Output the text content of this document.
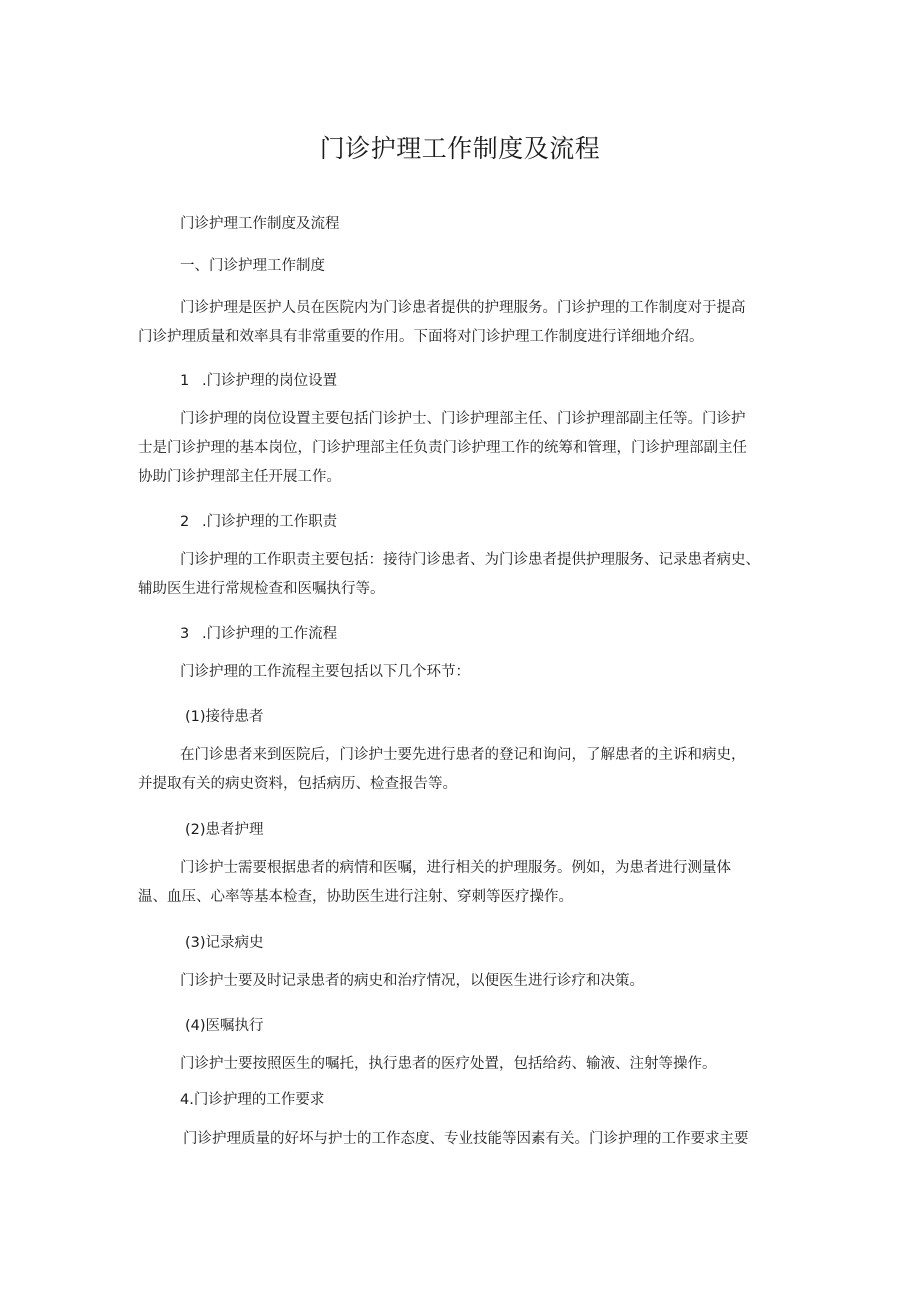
门诊护理工作制度及流程

门诊护理工作制度及流程

一、门诊护理工作制度

门诊护理是医护人员在医院内为门诊患者提供的护理服务。门诊护理的工作制度对于提高

门诊护理质量和效率具有非常重要的作用。下面将对门诊护理工作制度进行详细地介绍。

1 .门诊护理的岗位设置

门诊护理的岗位设置主要包括门诊护士、门诊护理部主任、门诊护理部副主任等。门诊护

士是门诊护理的基本岗位，门诊护理部主任负责门诊护理工作的统筹和管理，门诊护理部副主任

协助门诊护理部主任开展工作。

2 .门诊护理的工作职责

门诊护理的工作职责主要包括：接待门诊患者、为门诊患者提供护理服务、记录患者病史、

辅助医生进行常规检查和医嘱执行等。

3 .门诊护理的工作流程

门诊护理的工作流程主要包括以下几个环节：

(1)接待患者

在门诊患者来到医院后，门诊护士要先进行患者的登记和询问，了解患者的主诉和病史，

并提取有关的病史资料，包括病历、检查报告等。

(2)患者护理

门诊护士需要根据患者的病情和医嘱，进行相关的护理服务。例如，为患者进行测量体

温、血压、心率等基本检查，协助医生进行注射、穿刺等医疗操作。

(3)记录病史

门诊护士要及时记录患者的病史和治疗情况，以便医生进行诊疗和决策。

(4)医嘱执行

门诊护士要按照医生的嘱托，执行患者的医疗处置，包括给药、输液、注射等操作。

4.门诊护理的工作要求

门诊护理质量的好坏与护士的工作态度、专业技能等因素有关。门诊护理的工作要求主要
